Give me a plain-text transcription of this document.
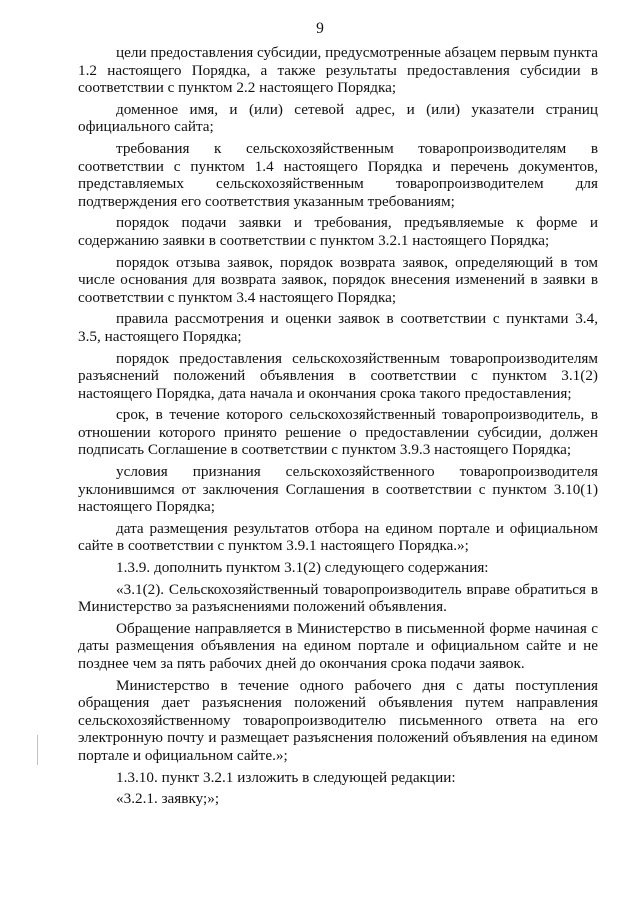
9

цели предоставления субсидии, предусмотренные абзацем первым пункта 1.2 настоящего Порядка, а также результаты предоставления субсидии в соответствии с пунктом 2.2 настоящего Порядка;

доменное имя, и (или) сетевой адрес, и (или) указатели страниц официального сайта;

требования к сельскохозяйственным товаропроизводителям в соответствии с пунктом 1.4 настоящего Порядка и перечень документов, представляемых сельскохозяйственным товаропроизводителем для подтверждения его соответствия указанным требованиям;

порядок подачи заявки и требования, предъявляемые к форме и содержанию заявки в соответствии с пунктом 3.2.1 настоящего Порядка;

порядок отзыва заявок, порядок возврата заявок, определяющий в том числе основания для возврата заявок, порядок внесения изменений в заявки в соответствии с пунктом 3.4 настоящего Порядка;

правила рассмотрения и оценки заявок в соответствии с пунктами 3.4, 3.5, настоящего Порядка;

порядок предоставления сельскохозяйственным товаропроизводителям разъяснений положений объявления в соответствии с пунктом 3.1(2) настоящего Порядка, дата начала и окончания срока такого предоставления;

срок, в течение которого сельскохозяйственный товаропроизводитель, в отношении которого принято решение о предоставлении субсидии, должен подписать Соглашение в соответствии с пунктом 3.9.3 настоящего Порядка;

условия признания сельскохозяйственного товаропроизводителя уклонившимся от заключения Соглашения в соответствии с пунктом 3.10(1) настоящего Порядка;

дата размещения результатов отбора на едином портале и официальном сайте в соответствии с пунктом 3.9.1 настоящего Порядка.»;

1.3.9. дополнить пунктом 3.1(2) следующего содержания:

«3.1(2). Сельскохозяйственный товаропроизводитель вправе обратиться в Министерство за разъяснениями положений объявления.

Обращение направляется в Министерство в письменной форме начиная с даты размещения объявления на едином портале и официальном сайте и не позднее чем за пять рабочих дней до окончания срока подачи заявок.

Министерство в течение одного рабочего дня с даты поступления обращения дает разъяснения положений объявления путем направления сельскохозяйственному товаропроизводителю письменного ответа на его электронную почту и размещает разъяснения положений объявления на едином портале и официальном сайте.»;

1.3.10. пункт 3.2.1 изложить в следующей редакции:

«3.2.1. заявку;»;
